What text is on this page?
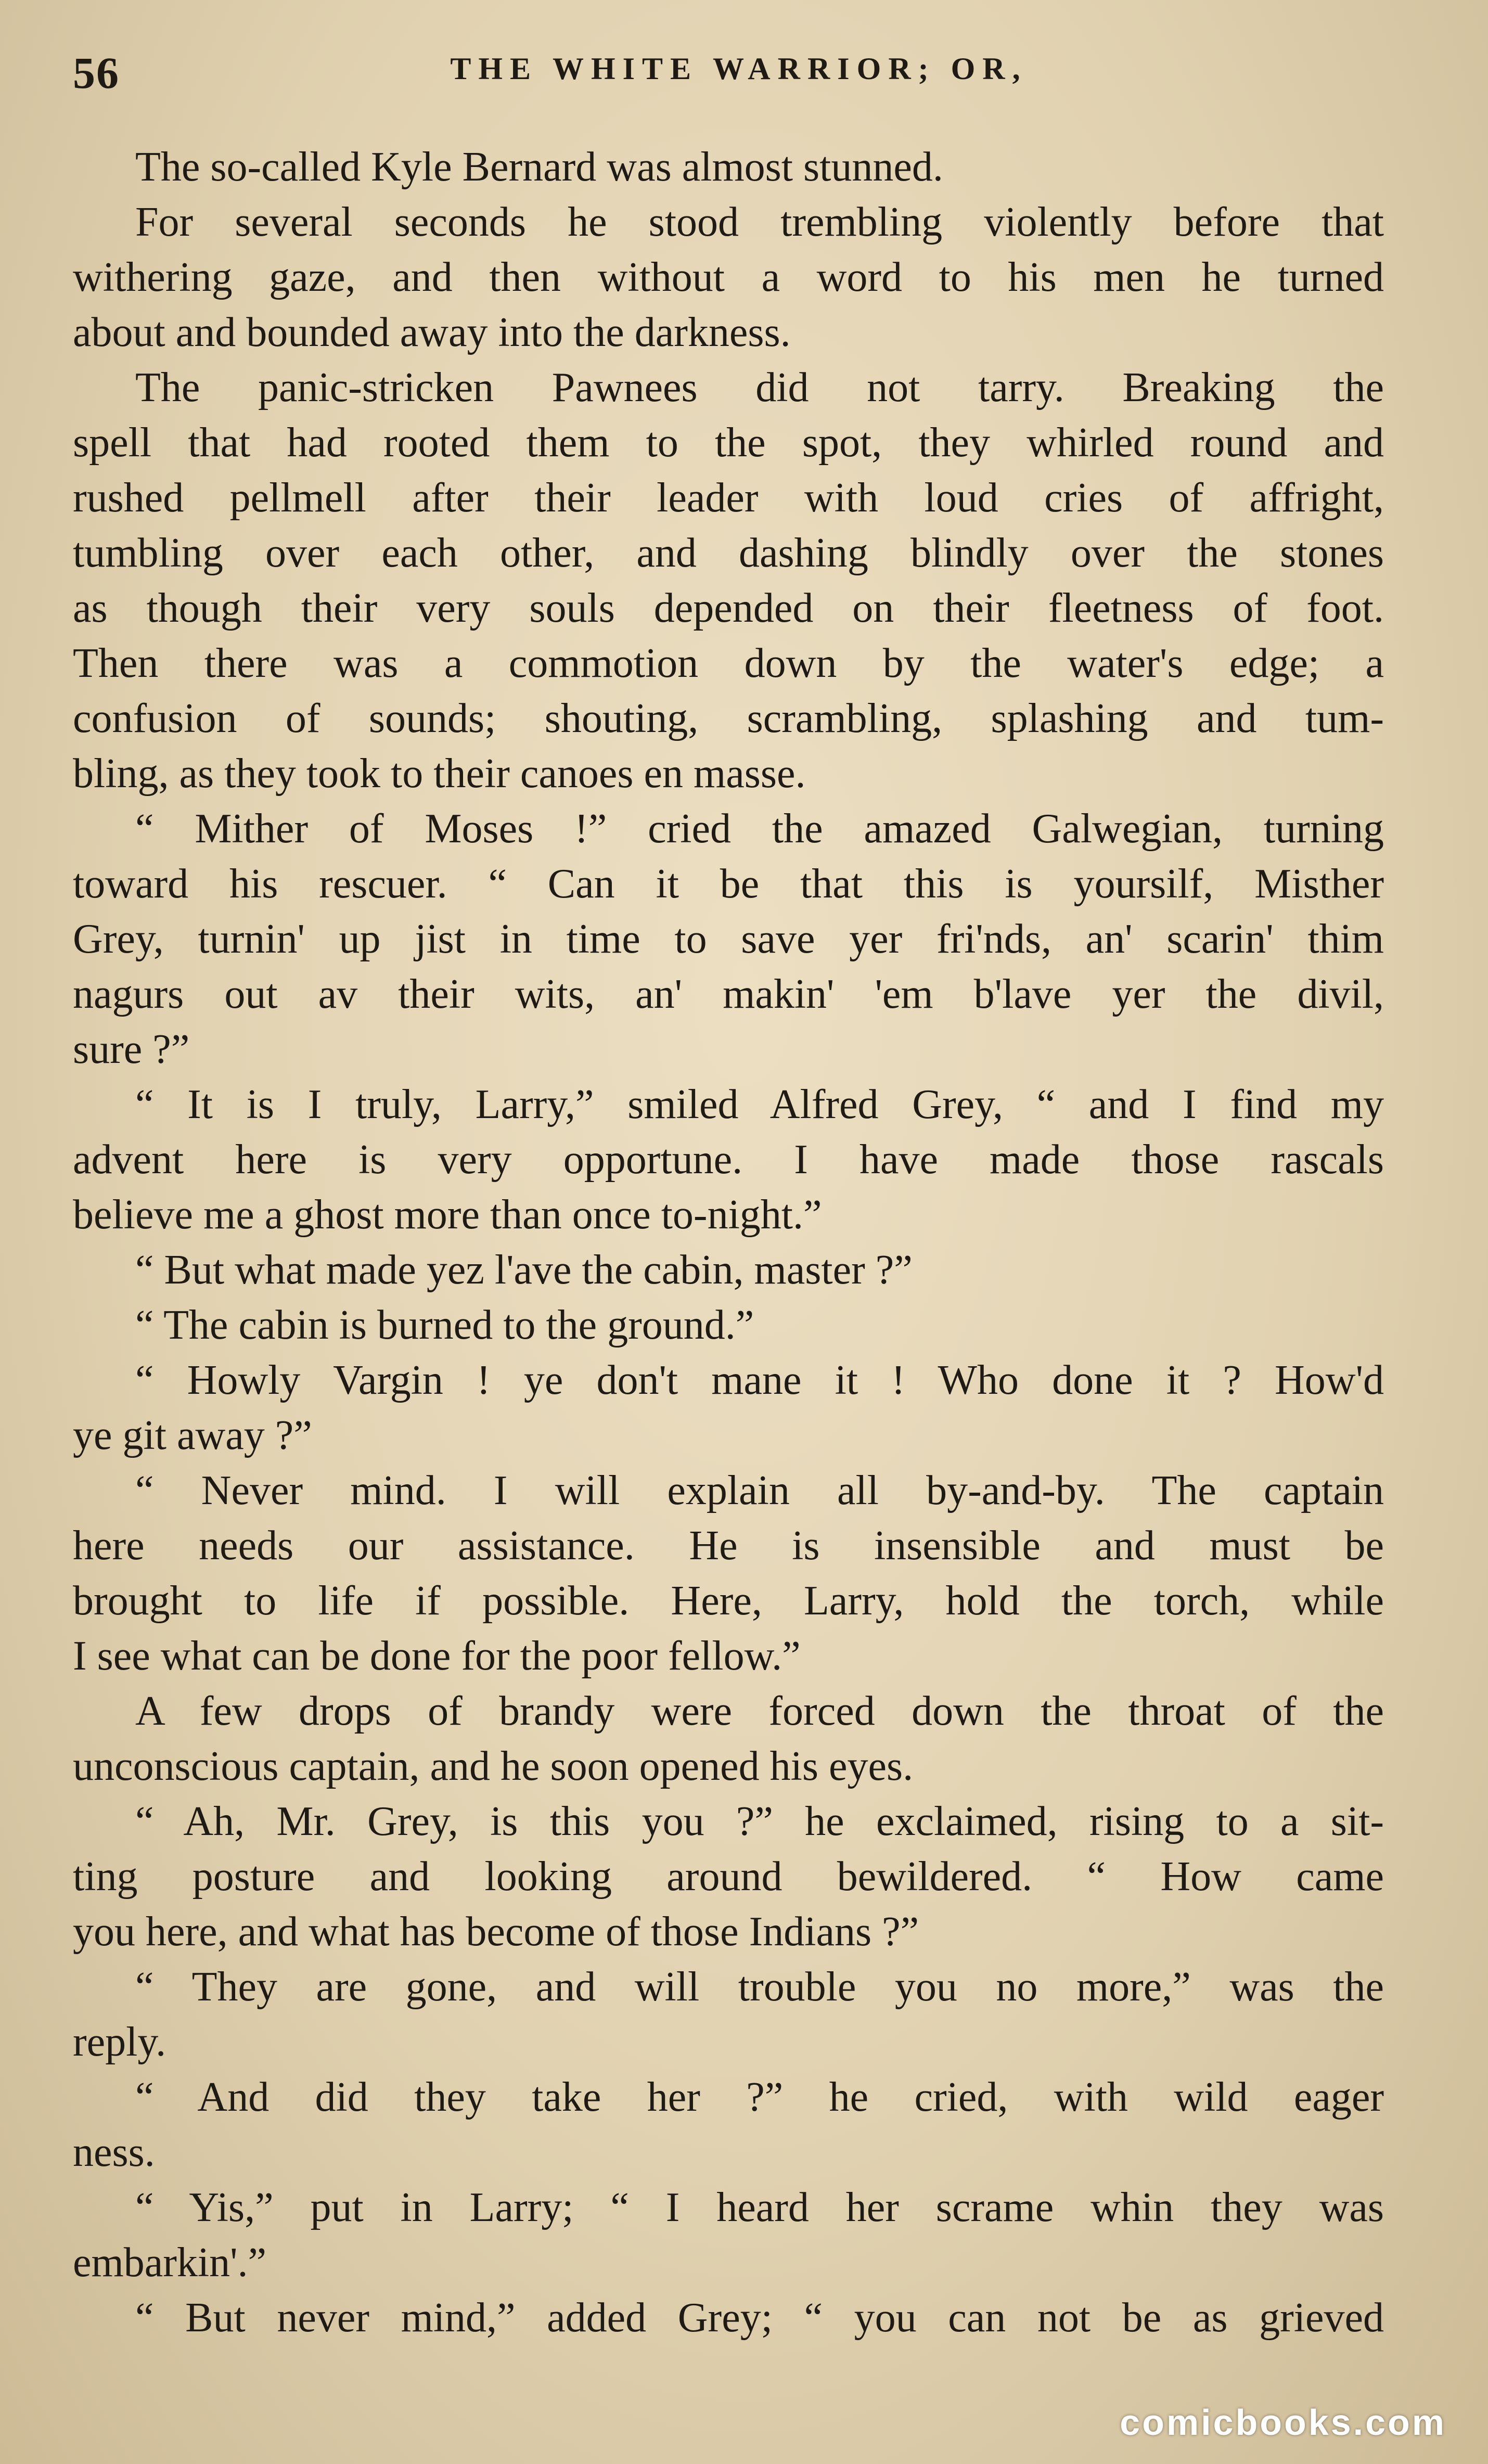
56	THE WHITE WARRIOR; OR,
The so-called Kyle Bernard was almost stunned.
For several seconds he stood trembling violently before that
withering gaze, and then without a word to his men he turned
about and bounded away into the darkness.
The panic-stricken Pawnees did not tarry. Breaking the
spell that had rooted them to the spot, they whirled round and
rushed pellmell after their leader with loud cries of affright,
tumbling over each other, and dashing blindly over the stones
as though their very souls depended on their fleetness of foot.
Then there was a commotion down by the water's edge; a
confusion of sounds; shouting, scrambling, splashing and tum-
bling, as they took to their canoes en masse.
“ Mither of Moses !” cried the amazed Galwegian, turning
toward his rescuer. “ Can it be that this is yoursilf, Misther
Grey, turnin' up jist in time to save yer fri'nds, an' scarin' thim
nagurs out av their wits, an' makin' 'em b'lave yer the divil,
sure ?”
“ It is I truly, Larry,” smiled Alfred Grey, “ and I find my
advent here is very opportune. I have made those rascals
believe me a ghost more than once to-night.”
“ But what made yez l'ave the cabin, master ?”
“ The cabin is burned to the ground.”
“ Howly Vargin ! ye don't mane it ! Who done it ? How'd
ye git away ?”
“ Never mind. I will explain all by-and-by. The captain
here needs our assistance. He is insensible and must be
brought to life if possible. Here, Larry, hold the torch, while
I see what can be done for the poor fellow.”
A few drops of brandy were forced down the throat of the
unconscious captain, and he soon opened his eyes.
“ Ah, Mr. Grey, is this you ?” he exclaimed, rising to a sit-
ting posture and looking around bewildered. “ How came
you here, and what has become of those Indians ?”
“ They are gone, and will trouble you no more,” was the
reply.
“ And did they take her ?” he cried, with wild eager
ness.
“ Yis,” put in Larry; “ I heard her scrame whin they was
embarkin'.”
“ But never mind,” added Grey; “ you can not be as grieved
comicbooks.com
